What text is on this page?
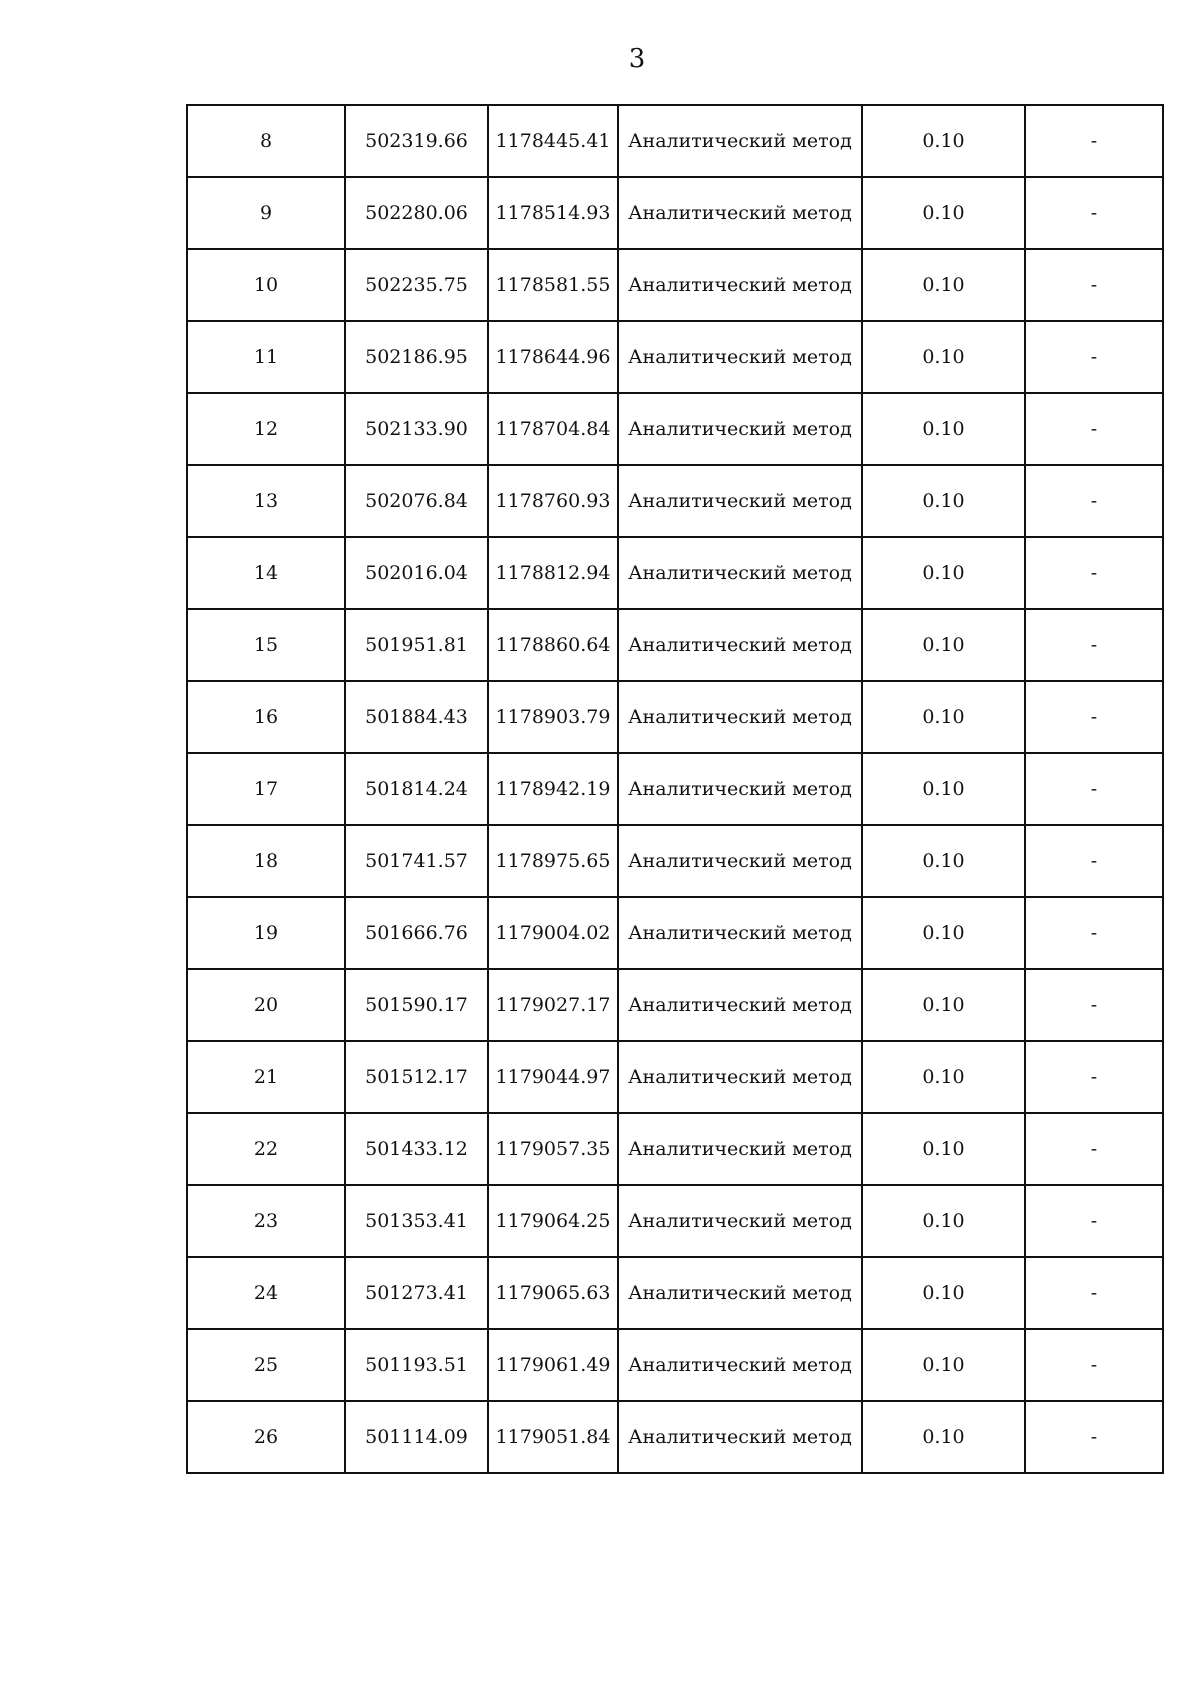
3
8	502319.66	1178445.41	Аналитический метод	0.10	-
9	502280.06	1178514.93	Аналитический метод	0.10	-
10	502235.75	1178581.55	Аналитический метод	0.10	-
11	502186.95	1178644.96	Аналитический метод	0.10	-
12	502133.90	1178704.84	Аналитический метод	0.10	-
13	502076.84	1178760.93	Аналитический метод	0.10	-
14	502016.04	1178812.94	Аналитический метод	0.10	-
15	501951.81	1178860.64	Аналитический метод	0.10	-
16	501884.43	1178903.79	Аналитический метод	0.10	-
17	501814.24	1178942.19	Аналитический метод	0.10	-
18	501741.57	1178975.65	Аналитический метод	0.10	-
19	501666.76	1179004.02	Аналитический метод	0.10	-
20	501590.17	1179027.17	Аналитический метод	0.10	-
21	501512.17	1179044.97	Аналитический метод	0.10	-
22	501433.12	1179057.35	Аналитический метод	0.10	-
23	501353.41	1179064.25	Аналитический метод	0.10	-
24	501273.41	1179065.63	Аналитический метод	0.10	-
25	501193.51	1179061.49	Аналитический метод	0.10	-
26	501114.09	1179051.84	Аналитический метод	0.10	-
